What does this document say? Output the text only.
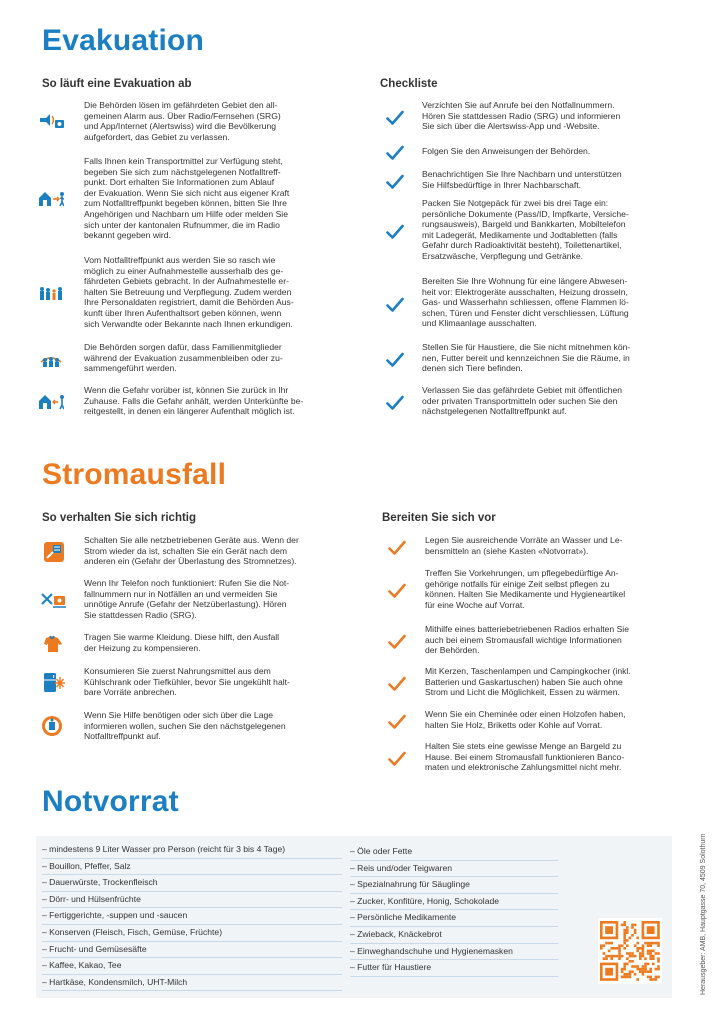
Evakuation
So läuft eine Evakuation ab	Checkliste
Die Behörden lösen im gefährdeten Gebiet den all-
gemeinen Alarm aus. Über Radio/Fernsehen (SRG)
und App/Internet (Alertswiss) wird die Bevölkerung
aufgefordert, das Gebiet zu verlassen.
Falls Ihnen kein Transportmittel zur Verfügung steht,
begeben Sie sich zum nächstgelegenen Notfalltreff-
punkt. Dort erhalten Sie Informationen zum Ablauf
der Evakuation. Wenn Sie sich nicht aus eigener Kraft
zum Notfalltreffpunkt begeben können, bitten Sie Ihre
Angehörigen und Nachbarn um Hilfe oder melden Sie
sich unter der kantonalen Rufnummer, die im Radio
bekannt gegeben wird.
Vom Notfalltreffpunkt aus werden Sie so rasch wie
möglich zu einer Aufnahmestelle ausserhalb des ge-
fährdeten Gebiets gebracht. In der Aufnahmestelle er-
halten Sie Betreuung und Verpflegung. Zudem werden
Ihre Personaldaten registriert, damit die Behörden Aus-
kunft über Ihren Aufenthaltsort geben können, wenn
sich Verwandte oder Bekannte nach Ihnen erkundigen.
Die Behörden sorgen dafür, dass Familienmitglieder
während der Evakuation zusammenbleiben oder zu-
sammengeführt werden.
Wenn die Gefahr vorüber ist, können Sie zurück in Ihr
Zuhause. Falls die Gefahr anhält, werden Unterkünfte be-
reitgestellt, in denen ein längerer Aufenthalt möglich ist.
Verzichten Sie auf Anrufe bei den Notfallnummern.
Hören Sie stattdessen Radio (SRG) und informieren
Sie sich über die Alertswiss-App und -Website.
Folgen Sie den Anweisungen der Behörden.
Benachrichtigen Sie Ihre Nachbarn und unterstützen
Sie Hilfsbedürftige in Ihrer Nachbarschaft.
Packen Sie Notgepäck für zwei bis drei Tage ein:
persönliche Dokumente (Pass/ID, Impfkarte, Versiche-
rungsausweis), Bargeld und Bankkarten, Mobiltelefon
mit Ladegerät, Medikamente und Jodtabletten (falls
Gefahr durch Radioaktivität besteht), Toilettenartikel,
Ersatzwäsche, Verpflegung und Getränke.
Bereiten Sie Ihre Wohnung für eine längere Abwesen-
heit vor: Elektrogeräte ausschalten, Heizung drosseln,
Gas- und Wasserhahn schliessen, offene Flammen lö-
schen, Türen und Fenster dicht verschliessen, Lüftung
und Klimaanlage ausschalten.
Stellen Sie für Haustiere, die Sie nicht mitnehmen kön-
nen, Futter bereit und kennzeichnen Sie die Räume, in
denen sich Tiere befinden.
Verlassen Sie das gefährdete Gebiet mit öffentlichen
oder privaten Transportmitteln oder suchen Sie den
nächstgelegenen Notfalltreffpunkt auf.
Stromausfall
So verhalten Sie sich richtig	Bereiten Sie sich vor
Schalten Sie alle netzbetriebenen Geräte aus. Wenn der
Strom wieder da ist, schalten Sie ein Gerät nach dem
anderen ein (Gefahr der Überlastung des Stromnetzes).
Wenn Ihr Telefon noch funktioniert: Rufen Sie die Not-
fallnummern nur in Notfällen an und vermeiden Sie
unnötige Anrufe (Gefahr der Netzüberlastung). Hören
Sie stattdessen Radio (SRG).
Tragen Sie warme Kleidung. Diese hilft, den Ausfall
der Heizung zu kompensieren.
Konsumieren Sie zuerst Nahrungsmittel aus dem
Kühlschrank oder Tiefkühler, bevor Sie ungekühlt halt-
bare Vorräte anbrechen.
Wenn Sie Hilfe benötigen oder sich über die Lage
informieren wollen, suchen Sie den nächstgelegenen
Notfalltreffpunkt auf.
Legen Sie ausreichende Vorräte an Wasser und Le-
bensmitteln an (siehe Kasten «Notvorrat»).
Treffen Sie Vorkehrungen, um pflegebedürftige An-
gehörige notfalls für einige Zeit selbst pflegen zu
können. Halten Sie Medikamente und Hygieneartikel
für eine Woche auf Vorrat.
Mithilfe eines batteriebetriebenen Radios erhalten Sie
auch bei einem Stromausfall wichtige Informationen
der Behörden.
Mit Kerzen, Taschenlampen und Campingkocher (inkl.
Batterien und Gaskartuschen) haben Sie auch ohne
Strom und Licht die Möglichkeit, Essen zu wärmen.
Wenn Sie ein Cheminée oder einen Holzofen haben,
halten Sie Holz, Briketts oder Kohle auf Vorrat.
Halten Sie stets eine gewisse Menge an Bargeld zu
Hause. Bei einem Stromausfall funktionieren Banco-
maten und elektronische Zahlungsmittel nicht mehr.
Notvorrat
– mindestens 9 Liter Wasser pro Person (reicht für 3 bis 4 Tage)
– Bouillon, Pfeffer, Salz
– Dauerwürste, Trockenfleisch
– Dörr- und Hülsenfrüchte
– Fertiggerichte, -suppen und -saucen
– Konserven (Fleisch, Fisch, Gemüse, Früchte)
– Frucht- und Gemüsesäfte
– Kaffee, Kakao, Tee
– Hartkäse, Kondensmilch, UHT-Milch
– Öle oder Fette
– Reis und/oder Teigwaren
– Spezialnahrung für Säuglinge
– Zucker, Konfitüre, Honig, Schokolade
– Persönliche Medikamente
– Zwieback, Knäckebrot
– Einweghandschuhe und Hygienemasken
– Futter für Haustiere	Herausgeber: AMB, Hauptgasse 70, 4509 Solothurn
